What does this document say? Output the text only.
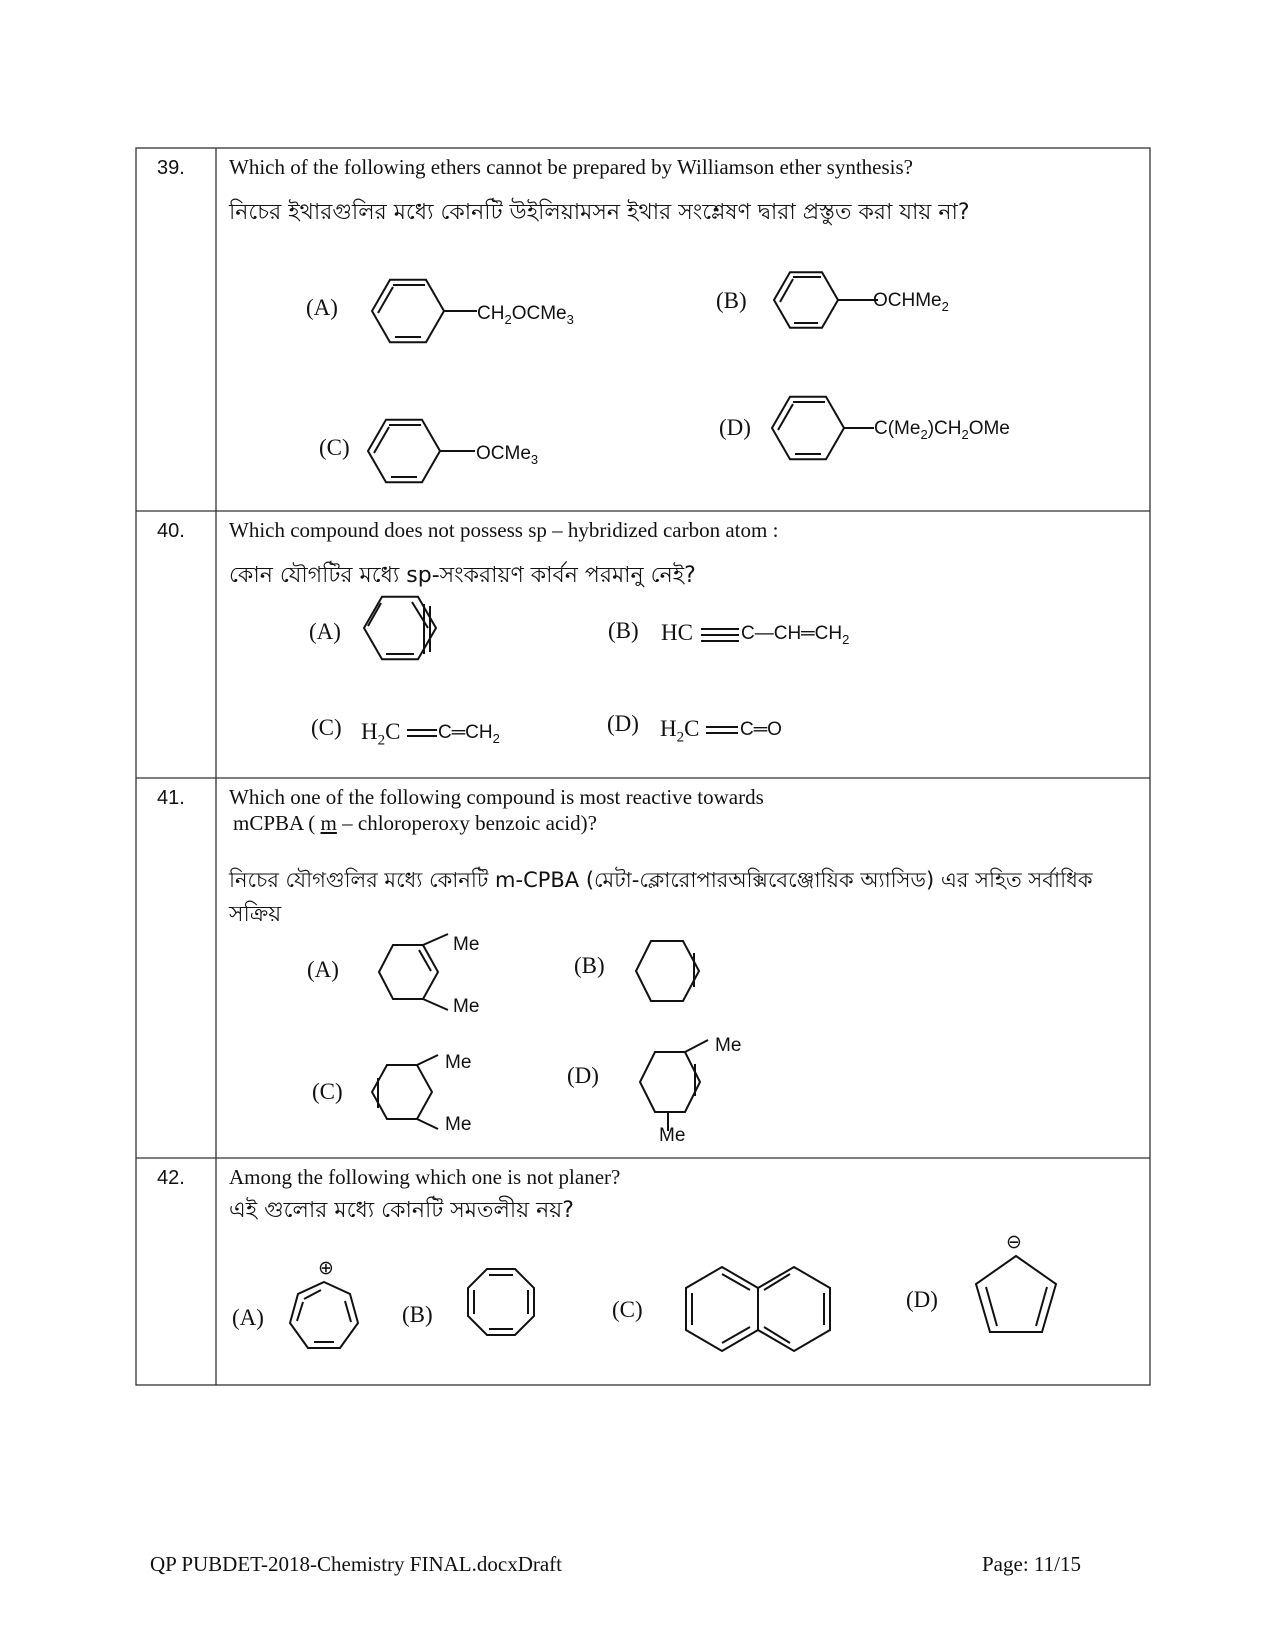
39. Which of the following ethers cannot be prepared by Williamson ether synthesis?
নিচের ইথারগুলির মধ্যে কোনটি উইলিয়ামসন ইথার সংশ্লেষণ দ্বারা প্রস্তুত করা যায় না?
(A)	$CH_2OCMe_3$
(B)	OCHMe$_2$
(C)	OCMe$_3$
(D)	$C(Me_2)CH_2OMe$
40. Which compound does not possess sp – hybridized carbon atom :
কোন যৌগটির মধ্যে sp-সংকরায়ণ কার্বন পরমানু নেই?
(A)	(B) HC	$C—CH═CH_2$
(C) $H_2C$ $C═CH_2$
(D) $H_2C$ C═O
41. Which one of the following compound is most reactive towards
mCPBA ( m – chloroperoxy benzoic acid)?
নিচের যৌগগুলির মধ্যে কোনটি m-CPBA (মেটা-ক্লোরোপারঅক্সিবেঞ্জোয়িক অ্যাসিড) এর সহিত সর্বাধিক
সক্রিয়
(A)
Me
Me
(B)
(C)
Me
Me
(D)
Me
Me
42. Among the following which one is not planer?
এই গুলোর মধ্যে কোনটি সমতলীয় নয়?
(A)
⊕
(B)	(C)	(D)
⊖
QP PUBDET-2018-Chemistry FINAL.docxDraft	Page: 11/15
